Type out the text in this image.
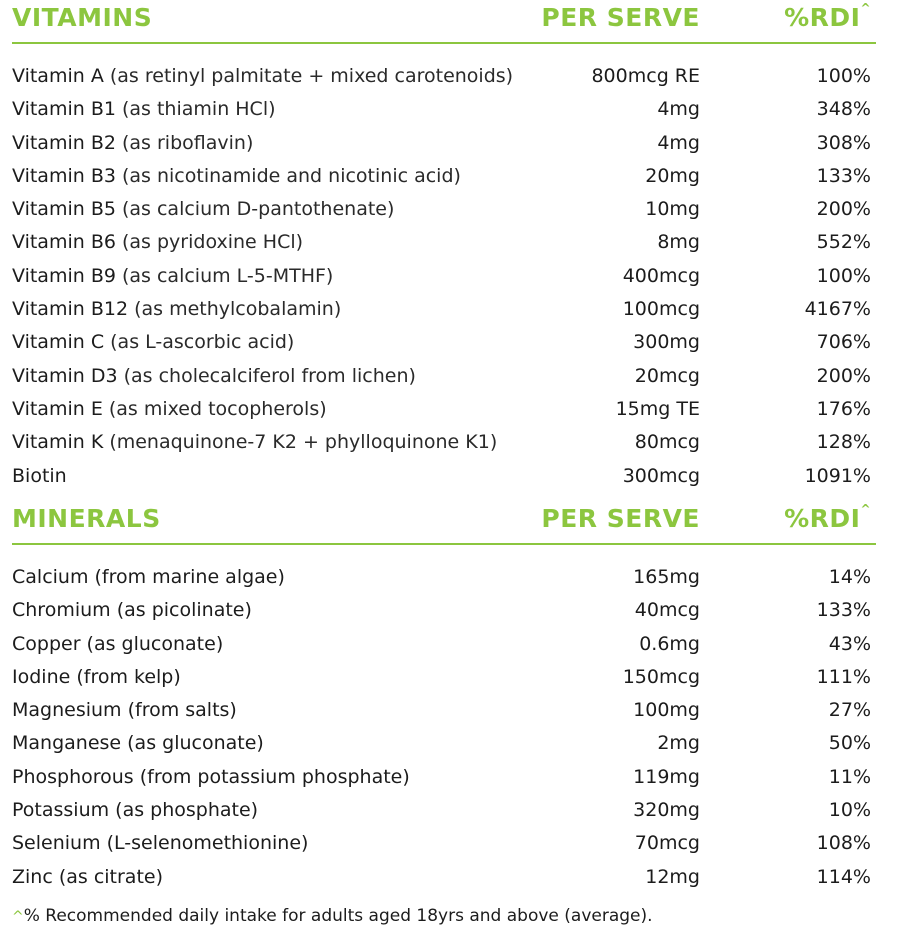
VITAMINS	PER SERVE	%RDI^
Vitamin A (as retinyl palmitate + mixed carotenoids)	800mcg RE	100%
Vitamin B1 (as thiamin HCl)	4mg	348%
Vitamin B2 (as riboflavin)	4mg	308%
Vitamin B3 (as nicotinamide and nicotinic acid)	20mg	133%
Vitamin B5 (as calcium D-pantothenate)	10mg	200%
Vitamin B6 (as pyridoxine HCl)	8mg	552%
Vitamin B9 (as calcium L-5-MTHF)	400mcg	100%
Vitamin B12 (as methylcobalamin)	100mcg	4167%
Vitamin C (as L-ascorbic acid)	300mg	706%
Vitamin D3 (as cholecalciferol from lichen)	20mcg	200%
Vitamin E (as mixed tocopherols)	15mg TE	176%
Vitamin K (menaquinone-7 K2 + phylloquinone K1)	80mcg	128%
Biotin	300mcg	1091%
MINERALS	PER SERVE	%RDI^
Calcium (from marine algae)	165mg	14%
Chromium (as picolinate)	40mcg	133%
Copper (as gluconate)	0.6mg	43%
Iodine (from kelp)	150mcg	111%
Magnesium (from salts)	100mg	27%
Manganese (as gluconate)	2mg	50%
Phosphorous (from potassium phosphate)	119mg	11%
Potassium (as phosphate)	320mg	10%
Selenium (L-selenomethionine)	70mcg	108%
Zinc (as citrate)	12mg	114%
^% Recommended daily intake for adults aged 18yrs and above (average).
